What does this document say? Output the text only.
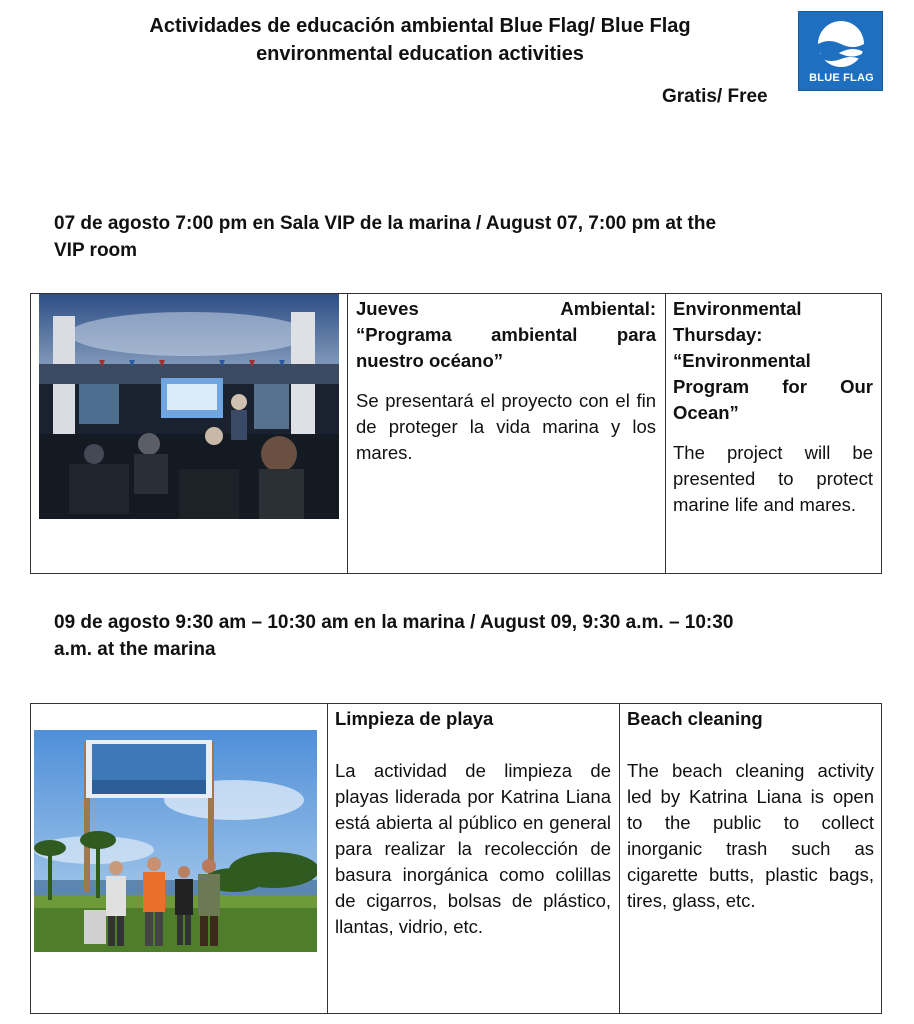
Actividades de educación ambiental Blue Flag/ Blue Flag
environmental education activities
BLUE FLAG
Gratis/ Free
07 de agosto 7:00 pm en Sala VIP de la marina / August 07, 7:00 pm at the
VIP room
Jueves	Ambiental:
“Programa ambiental para nuestro océano”
Se presentará el proyecto con el fin de proteger la vida marina y los mares.
Environmental Thursday:
“Environmental Program for Our Ocean”
The project will be presented to protect marine life and mares.
09 de agosto 9:30 am – 10:30 am en la marina / August 09, 9:30 a.m. – 10:30
a.m. at the marina
Limpieza de playa
La actividad de limpieza de playas liderada por Katrina Liana está abierta al público en general para realizar la recolección de basura inorgánica como colillas de cigarros, bolsas de plástico, llantas, vidrio, etc.
Beach cleaning
The beach cleaning activity led by Katrina Liana is open to the public to collect inorganic trash such as cigarette butts, plastic bags, tires, glass, etc.
